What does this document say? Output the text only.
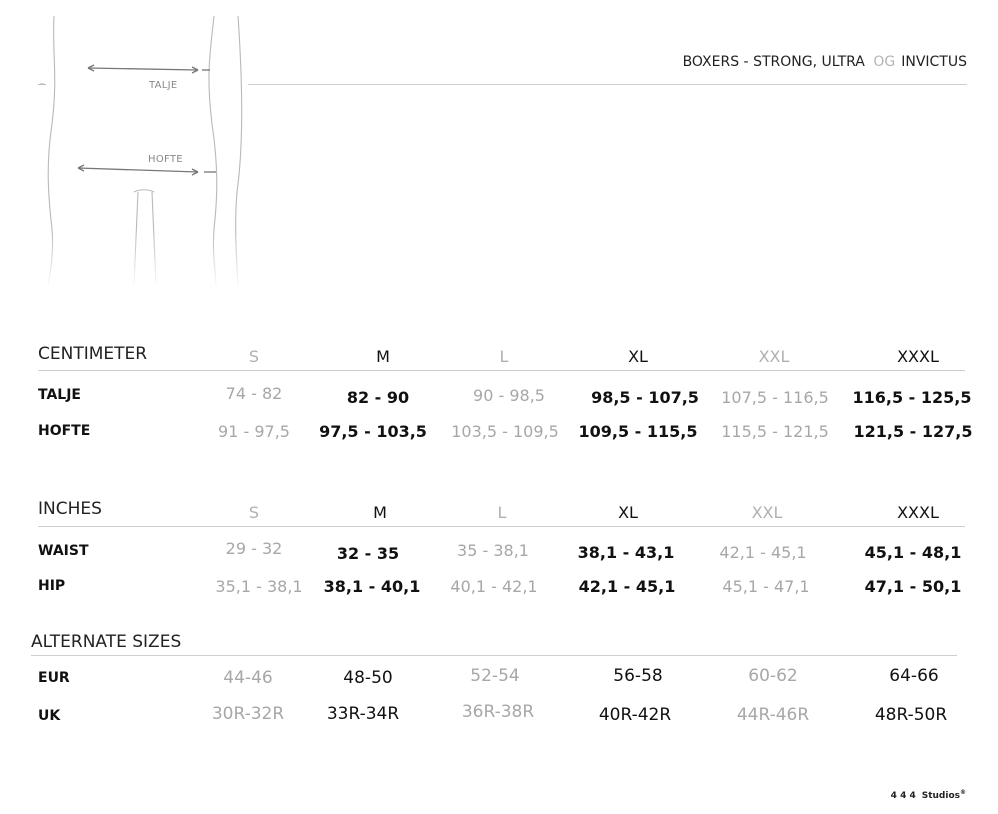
BOXERS - STRONG, ULTRA OG INVICTUS
CENTIMETER	S	M	L	XL	XXL	XXXL
TALJE	74 - 82	82 - 90	90 - 98,5	98,5 - 107,5	107,5 - 116,5	116,5 - 125,5
HOFTE	91 - 97,5	97,5 - 103,5	103,5 - 109,5	109,5 - 115,5	115,5 - 121,5	121,5 - 127,5
INCHES	S	M	L	XL	XXL	XXXL
WAIST	29 - 32	32 - 35	35 - 38,1	38,1 - 43,1	42,1 - 45,1	45,1 - 48,1
HIP	35,1 - 38,1	38,1 - 40,1	40,1 - 42,1	42,1 - 45,1	45,1 - 47,1	47,1 - 50,1
ALTERNATE SIZES
EUR	44-46	48-50	52-54	56-58	60-62	64-66
UK	30R-32R	33R-34R	36R-38R	40R-42R	44R-46R	48R-50R
4 4 4 Studios®
